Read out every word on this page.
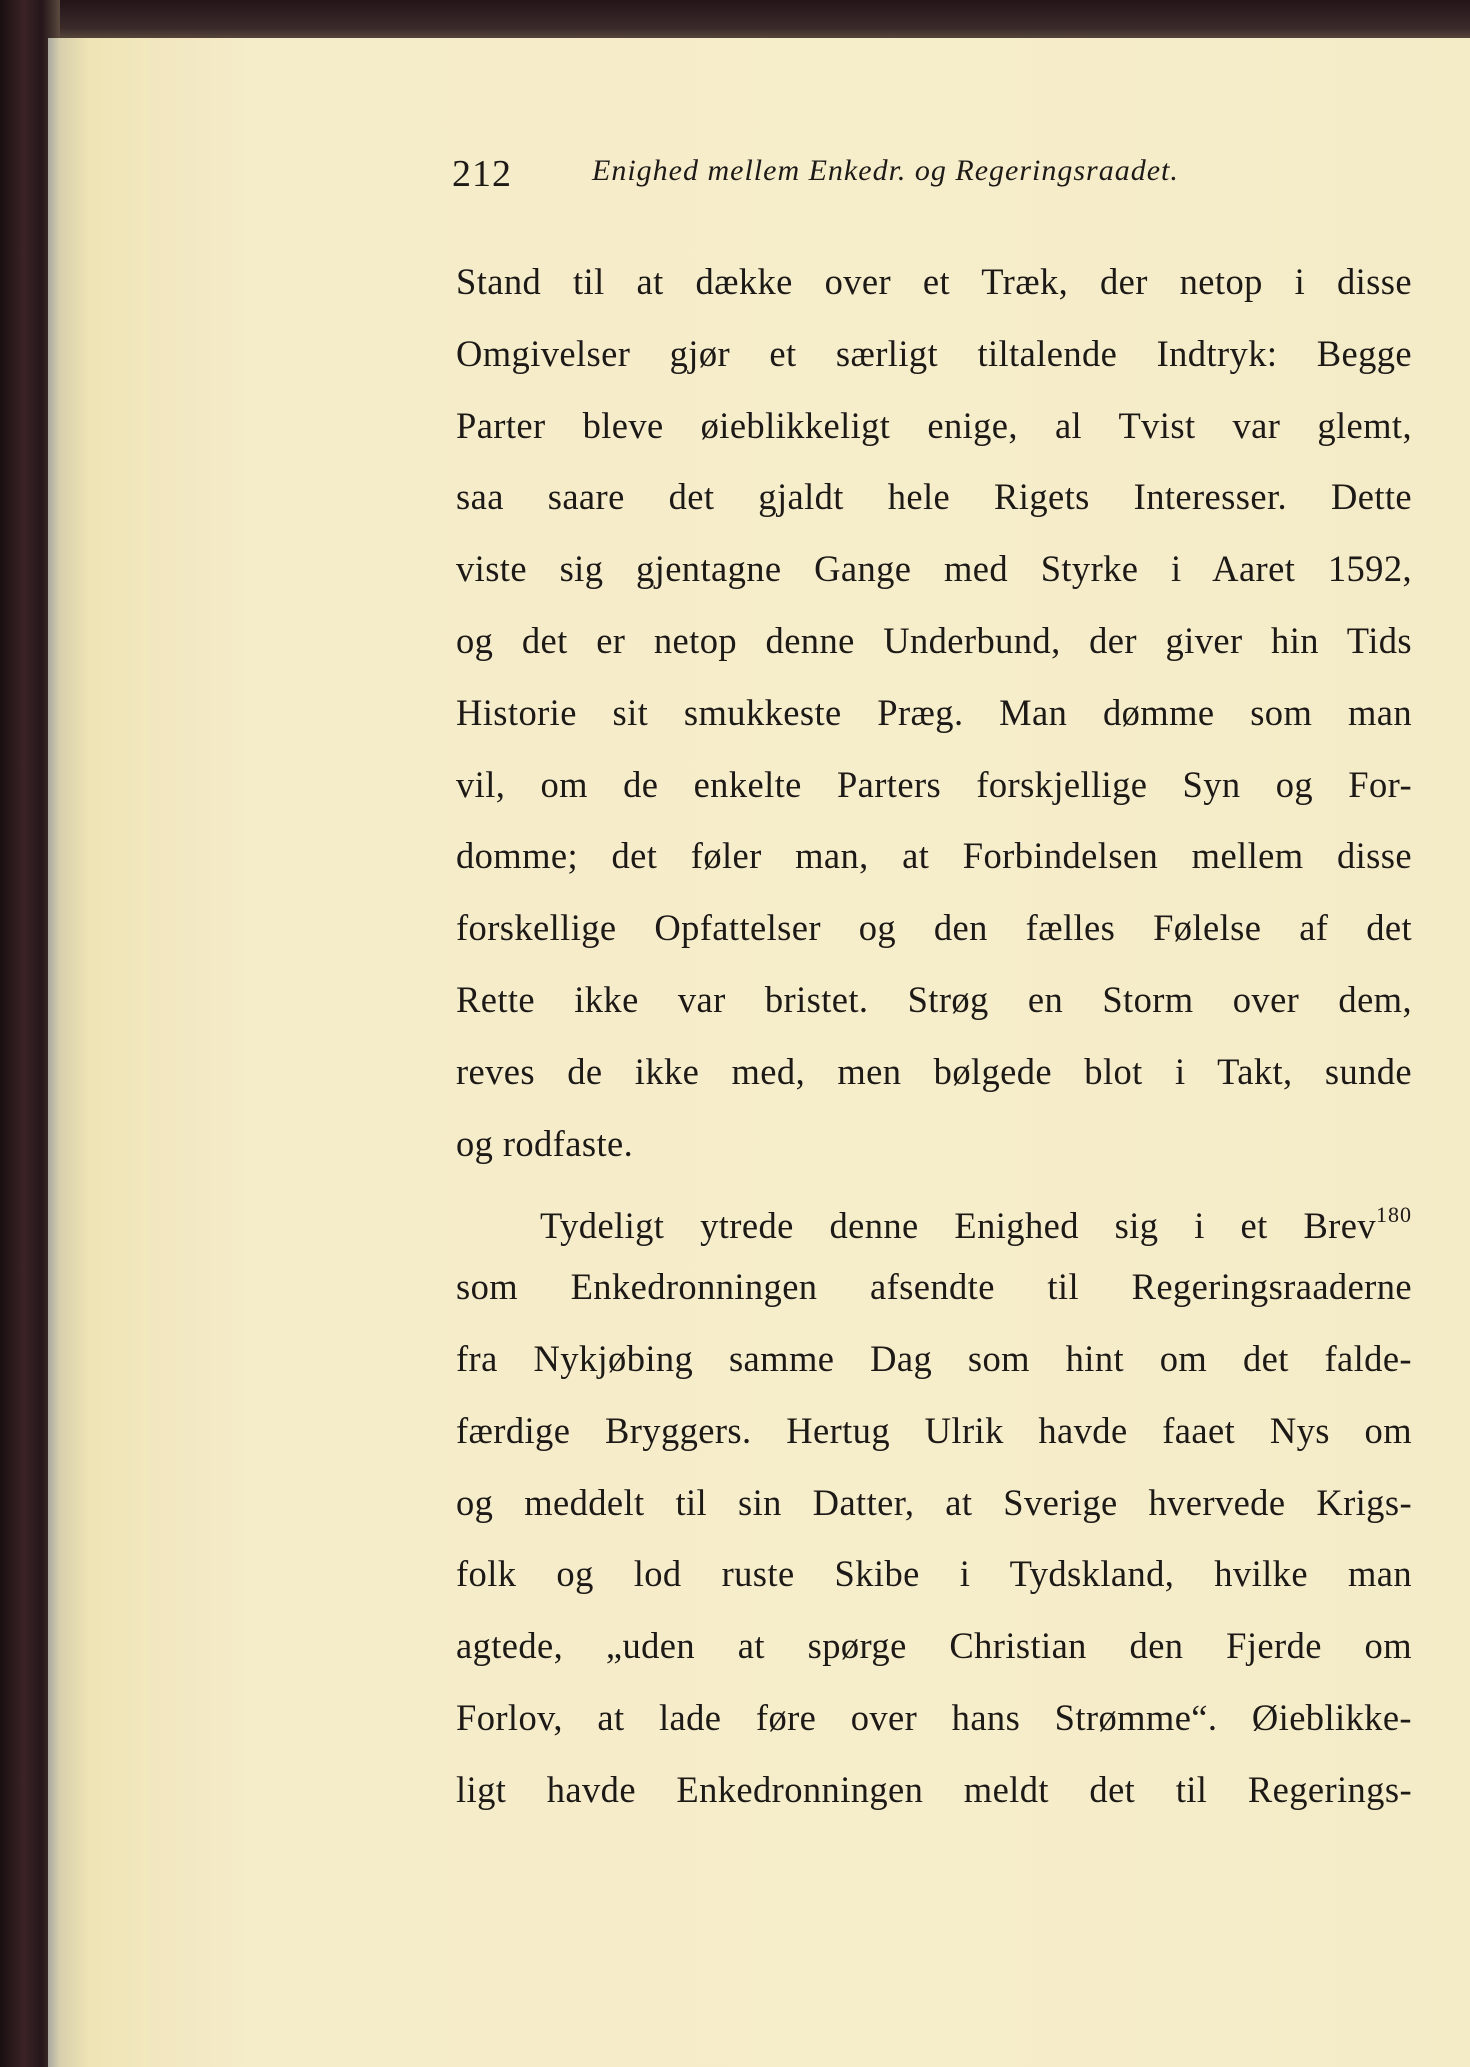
212	Enighed mellem Enkedr. og Regeringsraadet.
Stand til at dække over et Træk, der netop i disse
Omgivelser gjør et særligt tiltalende Indtryk: Begge
Parter bleve øieblikkeligt enige, al Tvist var glemt,
saa saare det gjaldt hele Rigets Interesser. Dette
viste sig gjentagne Gange med Styrke i Aaret 1592,
og det er netop denne Underbund, der giver hin Tids
Historie sit smukkeste Præg. Man dømme som man
vil, om de enkelte Parters forskjellige Syn og For-
domme; det føler man, at Forbindelsen mellem disse
forskellige Opfattelser og den fælles Følelse af det
Rette ikke var bristet. Strøg en Storm over dem,
reves de ikke med, men bølgede blot i Takt, sunde
og rodfaste.
Tydeligt ytrede denne Enighed sig i et Brev$^{180}$
som Enkedronningen afsendte til Regeringsraaderne
fra Nykjøbing samme Dag som hint om det falde-
færdige Bryggers. Hertug Ulrik havde faaet Nys om
og meddelt til sin Datter, at Sverige hvervede Krigs-
folk og lod ruste Skibe i Tydskland, hvilke man
agtede, „uden at spørge Christian den Fjerde om
Forlov, at lade føre over hans Strømme“. Øieblikke-
ligt havde Enkedronningen meldt det til Regerings-
